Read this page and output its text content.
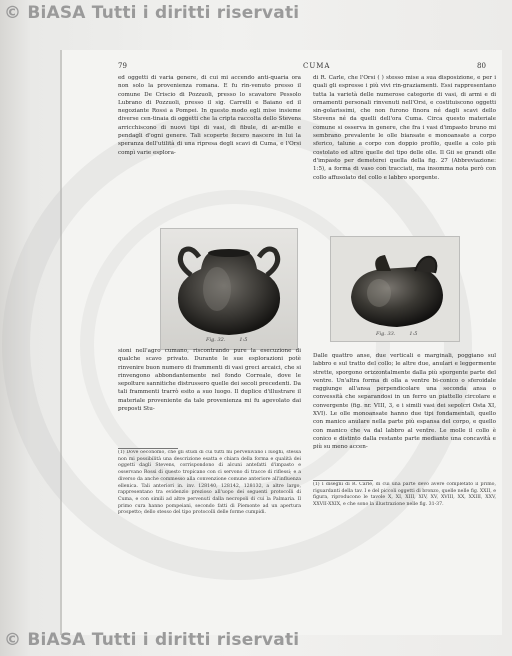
© BiASA Tutti i diritti riservati
79	CUMA	80

ed oggetti di varia genere, di cui mi accendo anti-quaria ora non solo la provenienza romana. E fu rin-venuto presso il comune De Criscio di Pozzuoli, presso lo scavatore Pessolo Lubrano di Pozzuoli, presso il sig. Carrelli e Baiano ed il negoziante Rossi a Pompei. In questo modo egli mise insieme diverse cen-tinaia di oggetti che la cripta raccolta dello Stevens arricchiscono di nuovi tipi di vasi, di fibule, di ar-mille e pendagli d'ogni genere. Tali scoperte fecero nascere in lui la speranza dell'utilità di una ripresa degli scavi di Cuma, e l'Orsi compì varie esplora-

di R. Carle, che l'Orsi ( ) stesso mise a sua disposizione, e per i quali gli espresse i più vivi rin-graziamenti. Essi rappresentano tutta la varietà delle numerose categorie di vasi, di armi e di ornamenti personali rinvenuti nell'Orsi, e costituiscono oggetti sin-golarissimi, che non furono finora né dagli scavi dello Stevens né da quelli dell'ora Cuma. Circa questo materiale comune si osserva in genere, che fra i vasi d'impasto bruno mi sembrano prevalente le olle biansate e monoansate a corpo sferico, talune a corpo con doppio profilo, quelle a colo più costolato ed altre quelle del tipo delle olle. Il Gii se grandi olle d'impasto per demeterei quella della fig. 27 (Abbreviazione: 1:5), a forma di vaso con tracciati, ma insomma nota però con collo affusolato del collo e labbro sporgente.

Fig. 32.	1:5
Fig. 33.	1:5

sioni nell'agro cumano, riscontrando pure la esecuzione di qualche scavo privato. Durante le sue esplorazioni potè rinvenire buon numero di frammenti di vasi greci arcaici, che si rinvengono abbondantemente nel fondo Correale, dove le sepolture sannitiche distrussero quelle dei secoli precedenti. Da tali frammenti trarrò esito a suo luogo. Il duplice d'illustrare il materiale proveniente da tale provenienza mi fu agevolato dai preposti Stu-

Dalle quattro anse, due verticali e marginali, poggiano sul labbro e sul tratto del collo; le altre due, anulari e leggermente strette, sporgono orizzontalmente dalla più sporgente parte del ventre. Un'altra forma di olla a ventre bi-conico o sferoidale raggiunge all'ansa perpendicolare una seconda ansa o convessità che separandosi in un ferro un piattello circolare e convergente (fig. nr. VIII, 3, e i simili vasi dei sepolcri Osta XI, XVI). Le olle monoansate hanno due tipi fondamentali, quello con manico anulare nella parte più espansa del corpo, e quello con manico che va dal labbro al ventre. Le molle il collo è conico e distinto dalla restante parte mediante una concavità e più su meno accen-

(1) Dove oeconomo, che gli studi di cui tutti mi pervenivano i luoghi, stessa non mi possibilità una descrizione esatta e chiara della forma e qualità dei oggetti dagli Stevens, corrispondono di alcuni antefatti d'impasto e osservano Rossi di questo tropicano con ci servono di tracce di riflessi; e a diverso da anche commesso alla convenzione comune anteriore all'influenza ellenica. Tali anteriori in. inv. 128140, 128142, 128132, a altre largo, rappresentano tra evidenzio prezioso all'uopo dei seguenti protocolli di Cuma, e con simili ad altre pervenuti dalla necropoli di cui la Palmaria. Il primo cura hanno pompeiani, secondo fatti di Piemonte ad un apertura prospetto; dello stesso del tipo protocolli delle forme cumpidi.
(1) I disegni di R. Carle, di cui una parte devo avere completato il primo, riguardanti della tav. I e del piccoli oggetti di bronzo, quelle nelle fig. XXII, e figura, riproducono le tavole X, XI, XIII, XIV, XV, XVIII, XX, XXIII, XXV, XXVII-XXIX, e che sono la illustrazione nelle fig. 31-37.
© BiASA Tutti i diritti riservati
